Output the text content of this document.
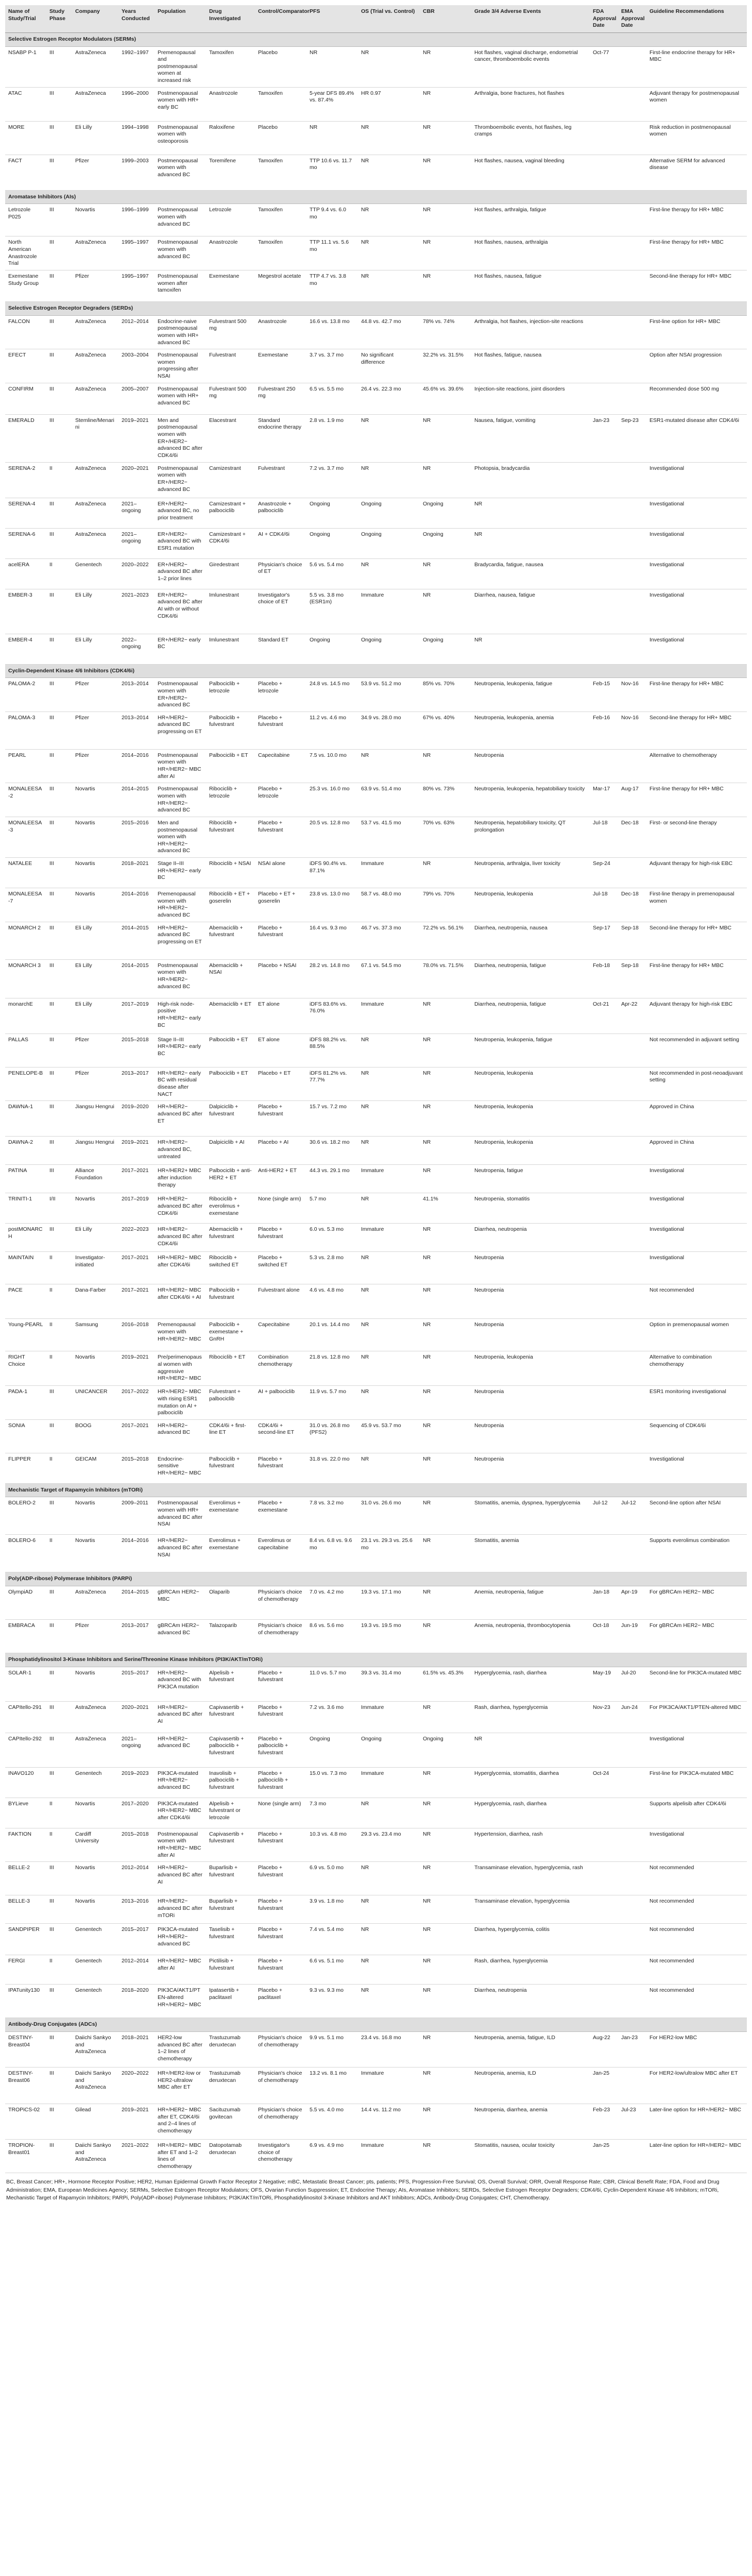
Name of Study/Trial	Study Phase	Company	Years Conducted	Population	Drug Investigated	Control/Comparator	PFS	OS (Trial vs. Control)	CBR	Grade 3/4 Adverse Events	FDA Approval Date	EMA Approval Date	Guideline Recommendations
Selective Estrogen Receptor Modulators (SERMs)													
NSABP P-1	III	AstraZeneca	1992–1997	Premenopausal and postmenopausal women at increased risk	Tamoxifen	Placebo	NR	NR	NR	Hot flashes, vaginal discharge, endometrial cancer, thromboembolic events	Oct-77		First-line endocrine therapy for HR+ MBC
ATAC	III	AstraZeneca	1996–2000	Postmenopausal women with HR+ early BC	Anastrozole	Tamoxifen	5-year DFS 89.4% vs. 87.4%	HR 0.97	NR	Arthralgia, bone fractures, hot flashes			Adjuvant therapy for postmenopausal women
MORE	III	Eli Lilly	1994–1998	Postmenopausal women with osteoporosis	Raloxifene	Placebo	NR	NR	NR	Thromboembolic events, hot flashes, leg cramps			Risk reduction in postmenopausal women
FACT	III	Pfizer	1999–2003	Postmenopausal women with advanced BC	Toremifene	Tamoxifen	TTP 10.6 vs. 11.7 mo	NR	NR	Hot flashes, nausea, vaginal bleeding			Alternative SERM for advanced disease
Aromatase Inhibitors (AIs)													
Letrozole P025	III	Novartis	1996–1999	Postmenopausal women with advanced BC	Letrozole	Tamoxifen	TTP 9.4 vs. 6.0 mo	NR	NR	Hot flashes, arthralgia, fatigue			First-line therapy for HR+ MBC
North American Anastrozole Trial	III	AstraZeneca	1995–1997	Postmenopausal women with advanced BC	Anastrozole	Tamoxifen	TTP 11.1 vs. 5.6 mo	NR	NR	Hot flashes, nausea, arthralgia			First-line therapy for HR+ MBC
Exemestane Study Group	III	Pfizer	1995–1997	Postmenopausal women after tamoxifen	Exemestane	Megestrol acetate	TTP 4.7 vs. 3.8 mo	NR	NR	Hot flashes, nausea, fatigue			Second-line therapy for HR+ MBC
Selective Estrogen Receptor Degraders (SERDs)													
FALCON	III	AstraZeneca	2012–2014	Endocrine-naive postmenopausal women with HR+ advanced BC	Fulvestrant 500 mg	Anastrozole	16.6 vs. 13.8 mo	44.8 vs. 42.7 mo	78% vs. 74%	Arthralgia, hot flashes, injection-site reactions			First-line option for HR+ MBC
EFECT	III	AstraZeneca	2003–2004	Postmenopausal women progressing after NSAI	Fulvestrant	Exemestane	3.7 vs. 3.7 mo	No significant difference	32.2% vs. 31.5%	Hot flashes, fatigue, nausea			Option after NSAI progression
CONFIRM	III	AstraZeneca	2005–2007	Postmenopausal women with HR+ advanced BC	Fulvestrant 500 mg	Fulvestrant 250 mg	6.5 vs. 5.5 mo	26.4 vs. 22.3 mo	45.6% vs. 39.6%	Injection-site reactions, joint disorders			Recommended dose 500 mg
EMERALD	III	Stemline/Menarini	2019–2021	Men and postmenopausal women with ER+/HER2− advanced BC after CDK4/6i	Elacestrant	Standard endocrine therapy	2.8 vs. 1.9 mo	NR	NR	Nausea, fatigue, vomiting	Jan-23	Sep-23	ESR1-mutated disease after CDK4/6i
SERENA-2	II	AstraZeneca	2020–2021	Postmenopausal women with ER+/HER2− advanced BC	Camizestrant	Fulvestrant	7.2 vs. 3.7 mo	NR	NR	Photopsia, bradycardia			Investigational
SERENA-4	III	AstraZeneca	2021–ongoing	ER+/HER2− advanced BC, no prior treatment	Camizestrant + palbociclib	Anastrozole + palbociclib	Ongoing	Ongoing	Ongoing	NR			Investigational
SERENA-6	III	AstraZeneca	2021–ongoing	ER+/HER2− advanced BC with ESR1 mutation	Camizestrant + CDK4/6i	AI + CDK4/6i	Ongoing	Ongoing	Ongoing	NR			Investigational
acelERA	II	Genentech	2020–2022	ER+/HER2− advanced BC after 1–2 prior lines	Giredestrant	Physician's choice of ET	5.6 vs. 5.4 mo	NR	NR	Bradycardia, fatigue, nausea			Investigational
EMBER-3	III	Eli Lilly	2021–2023	ER+/HER2− advanced BC after AI with or without CDK4/6i	Imlunestrant	Investigator's choice of ET	5.5 vs. 3.8 mo (ESR1m)	Immature	NR	Diarrhea, nausea, fatigue			Investigational
EMBER-4	III	Eli Lilly	2022–ongoing	ER+/HER2− early BC	Imlunestrant	Standard ET	Ongoing	Ongoing	Ongoing	NR			Investigational
Cyclin-Dependent Kinase 4/6 Inhibitors (CDK4/6i)													
PALOMA-2	III	Pfizer	2013–2014	Postmenopausal women with ER+/HER2− advanced BC	Palbociclib + letrozole	Placebo + letrozole	24.8 vs. 14.5 mo	53.9 vs. 51.2 mo	85% vs. 70%	Neutropenia, leukopenia, fatigue	Feb-15	Nov-16	First-line therapy for HR+ MBC
PALOMA-3	III	Pfizer	2013–2014	HR+/HER2− advanced BC progressing on ET	Palbociclib + fulvestrant	Placebo + fulvestrant	11.2 vs. 4.6 mo	34.9 vs. 28.0 mo	67% vs. 40%	Neutropenia, leukopenia, anemia	Feb-16	Nov-16	Second-line therapy for HR+ MBC
PEARL	III	Pfizer	2014–2016	Postmenopausal women with HR+/HER2− MBC after AI	Palbociclib + ET	Capecitabine	7.5 vs. 10.0 mo	NR	NR	Neutropenia			Alternative to chemotherapy
MONALEESA-2	III	Novartis	2014–2015	Postmenopausal women with HR+/HER2− advanced BC	Ribociclib + letrozole	Placebo + letrozole	25.3 vs. 16.0 mo	63.9 vs. 51.4 mo	80% vs. 73%	Neutropenia, leukopenia, hepatobiliary toxicity	Mar-17	Aug-17	First-line therapy for HR+ MBC
MONALEESA-3	III	Novartis	2015–2016	Men and postmenopausal women with HR+/HER2− advanced BC	Ribociclib + fulvestrant	Placebo + fulvestrant	20.5 vs. 12.8 mo	53.7 vs. 41.5 mo	70% vs. 63%	Neutropenia, hepatobiliary toxicity, QT prolongation	Jul-18	Dec-18	First- or second-line therapy
NATALEE	III	Novartis	2018–2021	Stage II–III HR+/HER2− early BC	Ribociclib + NSAI	NSAI alone	iDFS 90.4% vs. 87.1%	Immature	NR	Neutropenia, arthralgia, liver toxicity	Sep-24		Adjuvant therapy for high-risk EBC
MONALEESA-7	III	Novartis	2014–2016	Premenopausal women with HR+/HER2− advanced BC	Ribociclib + ET + goserelin	Placebo + ET + goserelin	23.8 vs. 13.0 mo	58.7 vs. 48.0 mo	79% vs. 70%	Neutropenia, leukopenia	Jul-18	Dec-18	First-line therapy in premenopausal women
MONARCH 2	III	Eli Lilly	2014–2015	HR+/HER2− advanced BC progressing on ET	Abemaciclib + fulvestrant	Placebo + fulvestrant	16.4 vs. 9.3 mo	46.7 vs. 37.3 mo	72.2% vs. 56.1%	Diarrhea, neutropenia, nausea	Sep-17	Sep-18	Second-line therapy for HR+ MBC
MONARCH 3	III	Eli Lilly	2014–2015	Postmenopausal women with HR+/HER2− advanced BC	Abemaciclib + NSAI	Placebo + NSAI	28.2 vs. 14.8 mo	67.1 vs. 54.5 mo	78.0% vs. 71.5%	Diarrhea, neutropenia, fatigue	Feb-18	Sep-18	First-line therapy for HR+ MBC
monarchE	III	Eli Lilly	2017–2019	High-risk node-positive HR+/HER2− early BC	Abemaciclib + ET	ET alone	iDFS 83.6% vs. 76.0%	Immature	NR	Diarrhea, neutropenia, fatigue	Oct-21	Apr-22	Adjuvant therapy for high-risk EBC
PALLAS	III	Pfizer	2015–2018	Stage II–III HR+/HER2− early BC	Palbociclib + ET	ET alone	iDFS 88.2% vs. 88.5%	NR	NR	Neutropenia, leukopenia, fatigue			Not recommended in adjuvant setting
PENELOPE-B	III	Pfizer	2013–2017	HR+/HER2− early BC with residual disease after NACT	Palbociclib + ET	Placebo + ET	iDFS 81.2% vs. 77.7%	NR	NR	Neutropenia, leukopenia			Not recommended in post-neoadjuvant setting
DAWNA-1	III	Jiangsu Hengrui	2019–2020	HR+/HER2− advanced BC after ET	Dalpiciclib + fulvestrant	Placebo + fulvestrant	15.7 vs. 7.2 mo	NR	NR	Neutropenia, leukopenia			Approved in China
DAWNA-2	III	Jiangsu Hengrui	2019–2021	HR+/HER2− advanced BC, untreated	Dalpiciclib + AI	Placebo + AI	30.6 vs. 18.2 mo	NR	NR	Neutropenia, leukopenia			Approved in China
PATINA	III	Alliance Foundation	2017–2021	HR+/HER2+ MBC after induction therapy	Palbociclib + anti-HER2 + ET	Anti-HER2 + ET	44.3 vs. 29.1 mo	Immature	NR	Neutropenia, fatigue			Investigational
TRINITI-1	I/II	Novartis	2017–2019	HR+/HER2− advanced BC after CDK4/6i	Ribociclib + everolimus + exemestane	None (single arm)	5.7 mo	NR	41.1%	Neutropenia, stomatitis			Investigational
postMONARCH	III	Eli Lilly	2022–2023	HR+/HER2− advanced BC after CDK4/6i	Abemaciclib + fulvestrant	Placebo + fulvestrant	6.0 vs. 5.3 mo	Immature	NR	Diarrhea, neutropenia			Investigational
MAINTAIN	II	Investigator-initiated	2017–2021	HR+/HER2− MBC after CDK4/6i	Ribociclib + switched ET	Placebo + switched ET	5.3 vs. 2.8 mo	NR	NR	Neutropenia			Investigational
PACE	II	Dana-Farber	2017–2021	HR+/HER2− MBC after CDK4/6i + AI	Palbociclib + fulvestrant	Fulvestrant alone	4.6 vs. 4.8 mo	NR	NR	Neutropenia			Not recommended
Young-PEARL	II	Samsung	2016–2018	Premenopausal women with HR+/HER2− MBC	Palbociclib + exemestane + GnRH	Capecitabine	20.1 vs. 14.4 mo	NR	NR	Neutropenia			Option in premenopausal women
RIGHT Choice	II	Novartis	2019–2021	Pre/perimenopausal women with aggressive HR+/HER2− MBC	Ribociclib + ET	Combination chemotherapy	21.8 vs. 12.8 mo	NR	NR	Neutropenia, leukopenia			Alternative to combination chemotherapy
PADA-1	III	UNICANCER	2017–2022	HR+/HER2− MBC with rising ESR1 mutation on AI + palbociclib	Fulvestrant + palbociclib	AI + palbociclib	11.9 vs. 5.7 mo	NR	NR	Neutropenia			ESR1 monitoring investigational
SONIA	III	BOOG	2017–2021	HR+/HER2− advanced BC	CDK4/6i + first-line ET	CDK4/6i + second-line ET	31.0 vs. 26.8 mo (PFS2)	45.9 vs. 53.7 mo	NR	Neutropenia			Sequencing of CDK4/6i
FLIPPER	II	GEICAM	2015–2018	Endocrine-sensitive HR+/HER2− MBC	Palbociclib + fulvestrant	Placebo + fulvestrant	31.8 vs. 22.0 mo	NR	NR	Neutropenia			Investigational
Mechanistic Target of Rapamycin Inhibitors (mTORi)													
BOLERO-2	III	Novartis	2009–2011	Postmenopausal women with HR+ advanced BC after NSAI	Everolimus + exemestane	Placebo + exemestane	7.8 vs. 3.2 mo	31.0 vs. 26.6 mo	NR	Stomatitis, anemia, dyspnea, hyperglycemia	Jul-12	Jul-12	Second-line option after NSAI
BOLERO-6	II	Novartis	2014–2016	HR+/HER2− advanced BC after NSAI	Everolimus + exemestane	Everolimus or capecitabine	8.4 vs. 6.8 vs. 9.6 mo	23.1 vs. 29.3 vs. 25.6 mo	NR	Stomatitis, anemia			Supports everolimus combination
Poly(ADP-ribose) Polymerase Inhibitors (PARPi)													
OlympiAD	III	AstraZeneca	2014–2015	gBRCAm HER2− MBC	Olaparib	Physician's choice of chemotherapy	7.0 vs. 4.2 mo	19.3 vs. 17.1 mo	NR	Anemia, neutropenia, fatigue	Jan-18	Apr-19	For gBRCAm HER2− MBC
EMBRACA	III	Pfizer	2013–2017	gBRCAm HER2− advanced BC	Talazoparib	Physician's choice of chemotherapy	8.6 vs. 5.6 mo	19.3 vs. 19.5 mo	NR	Anemia, neutropenia, thrombocytopenia	Oct-18	Jun-19	For gBRCAm HER2− MBC
Phosphatidylinositol 3-Kinase Inhibitors and Serine/Threonine Kinase Inhibitors (PI3K/AKT/mTORi)													
SOLAR-1	III	Novartis	2015–2017	HR+/HER2− advanced BC with PIK3CA mutation	Alpelisib + fulvestrant	Placebo + fulvestrant	11.0 vs. 5.7 mo	39.3 vs. 31.4 mo	61.5% vs. 45.3%	Hyperglycemia, rash, diarrhea	May-19	Jul-20	Second-line for PIK3CA-mutated MBC
CAPItello-291	III	AstraZeneca	2020–2021	HR+/HER2− advanced BC after AI	Capivasertib + fulvestrant	Placebo + fulvestrant	7.2 vs. 3.6 mo	Immature	NR	Rash, diarrhea, hyperglycemia	Nov-23	Jun-24	For PIK3CA/AKT1/PTEN-altered MBC
CAPItello-292	III	AstraZeneca	2021–ongoing	HR+/HER2− advanced BC	Capivasertib + palbociclib + fulvestrant	Placebo + palbociclib + fulvestrant	Ongoing	Ongoing	Ongoing	NR			Investigational
INAVO120	III	Genentech	2019–2023	PIK3CA-mutated HR+/HER2− advanced BC	Inavolisib + palbociclib + fulvestrant	Placebo + palbociclib + fulvestrant	15.0 vs. 7.3 mo	Immature	NR	Hyperglycemia, stomatitis, diarrhea	Oct-24		First-line for PIK3CA-mutated MBC
BYLieve	II	Novartis	2017–2020	PIK3CA-mutated HR+/HER2− MBC after CDK4/6i	Alpelisib + fulvestrant or letrozole	None (single arm)	7.3 mo	NR	NR	Hyperglycemia, rash, diarrhea			Supports alpelisib after CDK4/6i
FAKTION	II	Cardiff University	2015–2018	Postmenopausal women with HR+/HER2− MBC after AI	Capivasertib + fulvestrant	Placebo + fulvestrant	10.3 vs. 4.8 mo	29.3 vs. 23.4 mo	NR	Hypertension, diarrhea, rash			Investigational
BELLE-2	III	Novartis	2012–2014	HR+/HER2− advanced BC after AI	Buparlisib + fulvestrant	Placebo + fulvestrant	6.9 vs. 5.0 mo	NR	NR	Transaminase elevation, hyperglycemia, rash			Not recommended
BELLE-3	III	Novartis	2013–2016	HR+/HER2− advanced BC after mTORi	Buparlisib + fulvestrant	Placebo + fulvestrant	3.9 vs. 1.8 mo	NR	NR	Transaminase elevation, hyperglycemia			Not recommended
SANDPIPER	III	Genentech	2015–2017	PIK3CA-mutated HR+/HER2− advanced BC	Taselisib + fulvestrant	Placebo + fulvestrant	7.4 vs. 5.4 mo	NR	NR	Diarrhea, hyperglycemia, colitis			Not recommended
FERGI	II	Genentech	2012–2014	HR+/HER2− MBC after AI	Pictilisib + fulvestrant	Placebo + fulvestrant	6.6 vs. 5.1 mo	NR	NR	Rash, diarrhea, hyperglycemia			Not recommended
IPATunity130	III	Genentech	2018–2020	PIK3CA/AKT1/PTEN-altered HR+/HER2− MBC	Ipatasertib + paclitaxel	Placebo + paclitaxel	9.3 vs. 9.3 mo	NR	NR	Diarrhea, neutropenia			Not recommended
Antibody-Drug Conjugates (ADCs)													
DESTINY-Breast04	III	Daiichi Sankyo and AstraZeneca	2018–2021	HER2-low advanced BC after 1–2 lines of chemotherapy	Trastuzumab deruxtecan	Physician's choice of chemotherapy	9.9 vs. 5.1 mo	23.4 vs. 16.8 mo	NR	Neutropenia, anemia, fatigue, ILD	Aug-22	Jan-23	For HER2-low MBC
DESTINY-Breast06	III	Daiichi Sankyo and AstraZeneca	2020–2022	HR+/HER2-low or HER2-ultralow MBC after ET	Trastuzumab deruxtecan	Physician's choice of chemotherapy	13.2 vs. 8.1 mo	Immature	NR	Neutropenia, anemia, ILD	Jan-25		For HER2-low/ultralow MBC after ET
TROPiCS-02	III	Gilead	2019–2021	HR+/HER2− MBC after ET, CDK4/6i and 2–4 lines of chemotherapy	Sacituzumab govitecan	Physician's choice of chemotherapy	5.5 vs. 4.0 mo	14.4 vs. 11.2 mo	NR	Neutropenia, diarrhea, anemia	Feb-23	Jul-23	Later-line option for HR+/HER2− MBC
TROPION-Breast01	III	Daiichi Sankyo and AstraZeneca	2021–2022	HR+/HER2− MBC after ET and 1–2 lines of chemotherapy	Datopotamab deruxtecan	Investigator's choice of chemotherapy	6.9 vs. 4.9 mo	Immature	NR	Stomatitis, nausea, ocular toxicity	Jan-25		Later-line option for HR+/HER2− MBC
BC, Breast Cancer; HR+, Hormone Receptor Positive; HER2, Human Epidermal Growth Factor Receptor 2 Negative; mBC, Metastatic Breast Cancer; pts, patients; PFS, Progression-Free Survival; OS, Overall Survival; ORR, Overall Response Rate; CBR, Clinical Benefit Rate; FDA, Food and Drug Administration; EMA, European Medicines Agency; SERMs, Selective Estrogen Receptor Modulators; OFS, Ovarian Function Suppression; ET, Endocrine Therapy; AIs, Aromatase Inhibitors; SERDs, Selective Estrogen Receptor Degraders; CDK4/6i, Cyclin-Dependent Kinase 4/6 Inhibitors; mTORi, Mechanistic Target of Rapamycin Inhibitors; PARPi, Poly(ADP-ribose) Polymerase Inhibitors; PI3K/AKT/mTORi, Phosphatidylinositol 3-Kinase Inhibitors and AKT Inhibitors; ADCs, Antibody-Drug Conjugates; CHT, Chemotherapy.
